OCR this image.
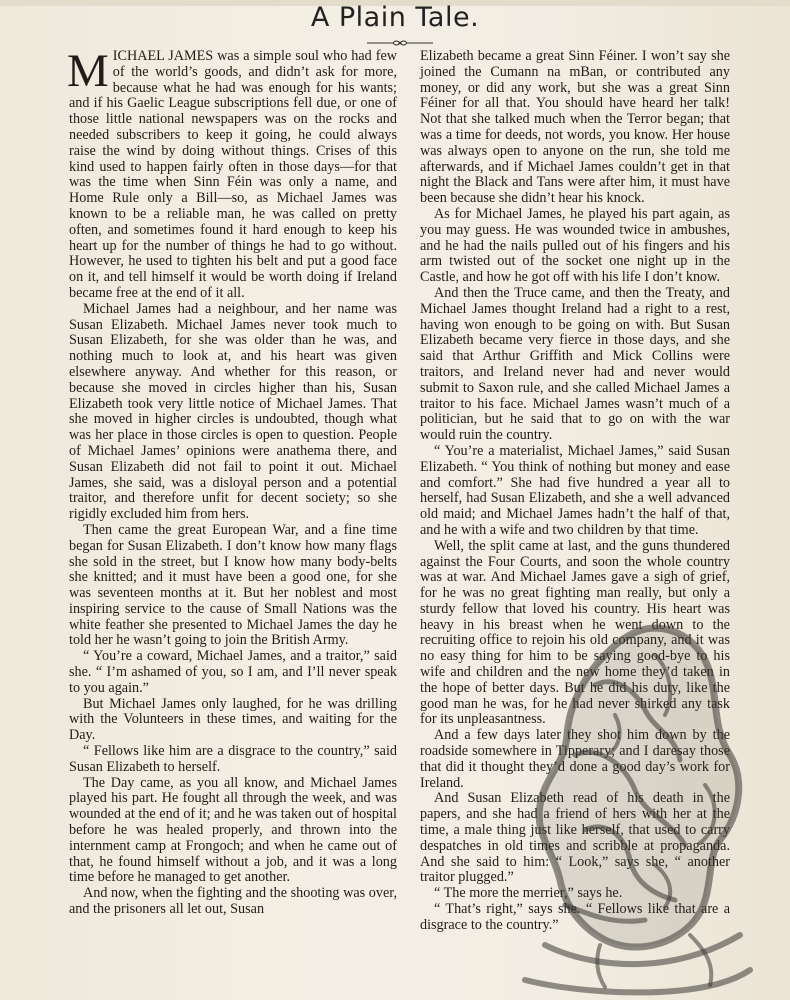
A Plain Tale.

MICHAEL JAMES was a simple soul who had few of the world’s goods, and didn’t ask for more, because what he had was enough for his wants; and if his Gaelic League subscriptions fell due, or one of those little national newspapers was on the rocks and needed subscribers to keep it going, he could always raise the wind by doing without things. Crises of this kind used to happen fairly often in those days—for that was the time when Sinn Féin was only a name, and Home Rule only a Bill—so, as Michael James was known to be a reliable man, he was called on pretty often, and sometimes found it hard enough to keep his heart up for the number of things he had to go without. However, he used to tighten his belt and put a good face on it, and tell himself it would be worth doing if Ireland became free at the end of it all.

Michael James had a neighbour, and her name was Susan Elizabeth. Michael James never took much to Susan Elizabeth, for she was older than he was, and nothing much to look at, and his heart was given elsewhere anyway. And whether for this reason, or because she moved in circles higher than his, Susan Elizabeth took very little notice of Michael James. That she moved in higher circles is undoubted, though what was her place in those circles is open to question. People of Michael James’ opinions were anathema there, and Susan Elizabeth did not fail to point it out. Michael James, she said, was a disloyal person and a potential traitor, and therefore unfit for decent society; so she rigidly excluded him from hers.

Then came the great European War, and a fine time began for Susan Elizabeth. I don’t know how many flags she sold in the street, but I know how many body-belts she knitted; and it must have been a good one, for she was seventeen months at it. But her noblest and most inspiring service to the cause of Small Nations was the white feather she presented to Michael James the day he told her he wasn’t going to join the British Army.

“ You’re a coward, Michael James, and a traitor,” said she. “ I’m ashamed of you, so I am, and I’ll never speak to you again.”

But Michael James only laughed, for he was drilling with the Volunteers in these times, and waiting for the Day.

“ Fellows like him are a disgrace to the country,” said Susan Elizabeth to herself.

The Day came, as you all know, and Michael James played his part. He fought all through the week, and was wounded at the end of it; and he was taken out of hospital before he was healed properly, and thrown into the internment camp at Frongoch; and when he came out of that, he found himself without a job, and it was a long time before he managed to get another.

And now, when the fighting and the shooting was over, and the prisoners all let out, Susan

Elizabeth became a great Sinn Féiner. I won’t say she joined the Cumann na mBan, or contributed any money, or did any work, but she was a great Sinn Féiner for all that. You should have heard her talk! Not that she talked much when the Terror began; that was a time for deeds, not words, you know. Her house was always open to anyone on the run, she told me afterwards, and if Michael James couldn’t get in that night the Black and Tans were after him, it must have been because she didn’t hear his knock.

As for Michael James, he played his part again, as you may guess. He was wounded twice in ambushes, and he had the nails pulled out of his fingers and his arm twisted out of the socket one night up in the Castle, and how he got off with his life I don’t know.

And then the Truce came, and then the Treaty, and Michael James thought Ireland had a right to a rest, having won enough to be going on with. But Susan Elizabeth became very fierce in those days, and she said that Arthur Griffith and Mick Collins were traitors, and Ireland never had and never would submit to Saxon rule, and she called Michael James a traitor to his face. Michael James wasn’t much of a politician, but he said that to go on with the war would ruin the country.

“ You’re a materialist, Michael James,” said Susan Elizabeth. “ You think of nothing but money and ease and comfort.” She had five hundred a year all to herself, had Susan Elizabeth, and she a well advanced old maid; and Michael James hadn’t the half of that, and he with a wife and two children by that time.

Well, the split came at last, and the guns thundered against the Four Courts, and soon the whole country was at war. And Michael James gave a sigh of grief, for he was no great fighting man really, but only a sturdy fellow that loved his country. His heart was heavy in his breast when he went down to the recruiting office to rejoin his old company, and it was no easy thing for him to be saying good-bye to his wife and children and the new home they’d taken in the hope of better days. But he did his duty, like the good man he was, for he had never shirked any task for its unpleasantness.

And a few days later they shot him down by the roadside somewhere in Tipperary; and I daresay those that did it thought they’d done a good day’s work for Ireland.

And Susan Elizabeth read of his death in the papers, and she had a friend of hers with her at the time, a male thing just like herself, that used to carry despatches in old times and scribble at propaganda. And she said to him: “ Look,” says she, “ another traitor plugged.”

“ The more the merrier,” says he.

“ That’s right,” says she. “ Fellows like that are a disgrace to the country.”
